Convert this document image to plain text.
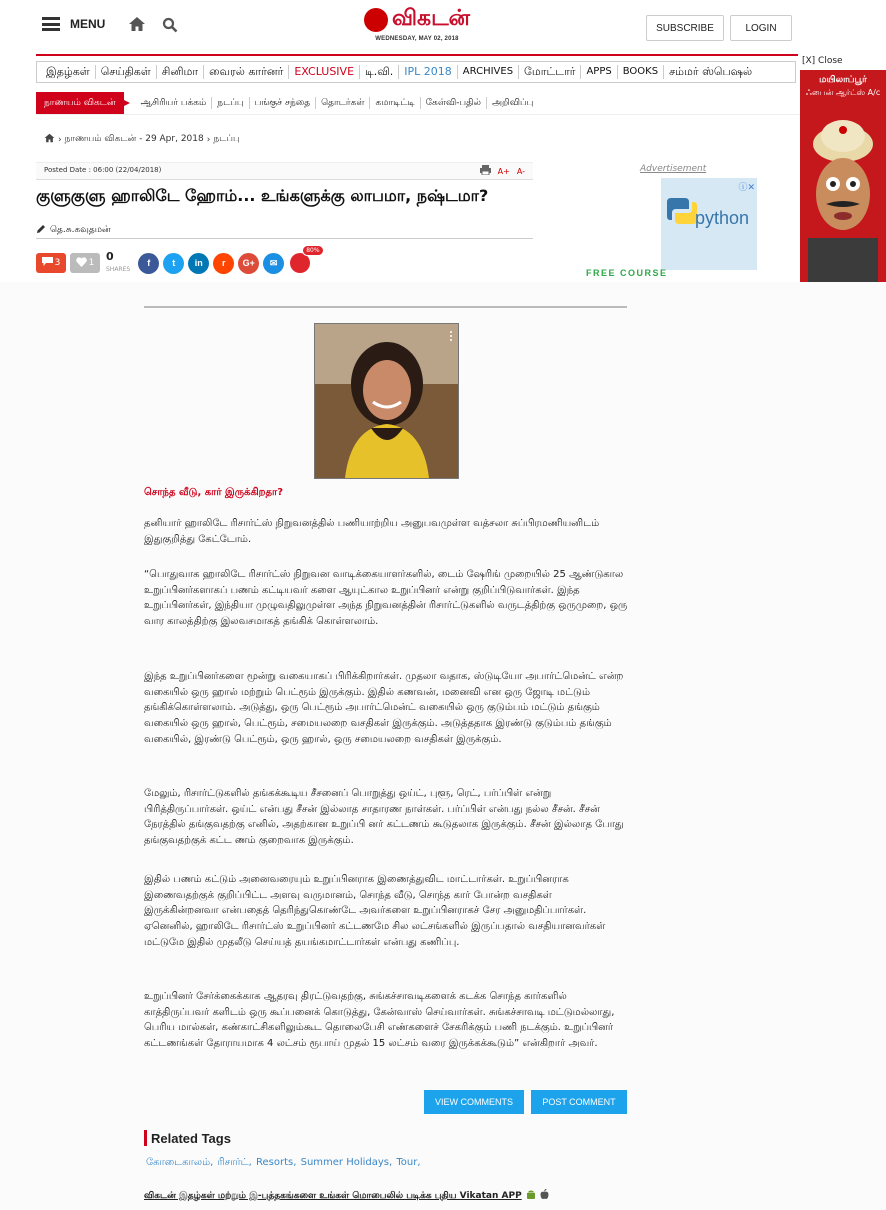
MENU	விகடன்
WEDNESDAY, MAY 02, 2018
SUBSCRIBE	LOGIN
இதழ்கள்	செய்திகள்	சினிமா	வைரல் கார்னர்	EXCLUSIVE	டி.வி.	IPL 2018	ARCHIVES	மோட்டார்	APPS	BOOKS	சம்மர் ஸ்பெஷல்
நாணயம் விகடன்	ஆசிரியர் பக்கம்	நடப்பு	பங்குச் சந்தை	தொடர்கள்	கமாடிட்டி	கேள்வி-பதில்	அறிவிப்பு
› நாணயம் விகடன் - 29 Apr, 2018 › நடப்பு
Posted Date : 06:00 (22/04/2018)	A+ A-
குளுகுளு ஹாலிடே ஹோம்... உங்களுக்கு லாபமா, நஷ்டமா?
தெ.சு.கவுதமன்
3	1 0
SHARES
f	t	in	r	G+	✉
80%
Advertisement
ⓘ✕
python
FREE COURSE
[X] Close
மயிலாப்பூர்
ஃபைன் ஆர்ட்ஸ் A/c
சொந்த வீடு, கார் இருக்கிறதா?
தனியார் ஹாலிடே ரிசார்ட்ஸ் நிறுவனத்தில் பணியாற்றிய அனுபவமுள்ள வத்சலா சுப்பிரமணியனிடம் இதுகுறித்து கேட்டோம்.
“பொதுவாக ஹாலிடே ரிசார்ட்ஸ் நிறுவன வாடிக்கையாளர்களில், டைம் ஷேரிங் முறையில் 25 ஆண்டுகால உறுப்பினர்களாகப் பணம் கட்டியவர் களை ஆயுட்கால உறுப்பினர் என்று குறிப்பிடுவார்கள். இந்த உறுப்பினர்கள், இந்தியா முழுவதிலுமுள்ள அந்த நிறுவனத்தின் ரிசார்ட்டுகளில் வருடத்திற்கு ஒருமுறை, ஒரு வார காலத்திற்கு இலவசமாகத் தங்கிக் கொள்ளலாம்.
இந்த உறுப்பினர்களை மூன்று வகையாகப் பிரிக்கிறார்கள். முதலா வதாக, ஸ்டுடியோ அபார்ட்மென்ட் என்ற வகையில் ஒரு ஹால் மற்றும் பெட்ரூம் இருக்கும். இதில் கணவன், மனைவி என ஒரு ஜோடி மட்டும் தங்கிக்கொள்ளலாம். அடுத்து, ஒரு பெட்ரூம் அபார்ட்மென்ட் வகையில் ஒரு குடும்பம் மட்டும் தங்கும் வகையில் ஒரு ஹால், பெட்ரூம், சமையலறை வசதிகள் இருக்கும். அடுத்ததாக இரண்டு குடும்பம் தங்கும் வகையில், இரண்டு பெட்ரூம், ஒரு ஹால், ஒரு சமையலறை வசதிகள் இருக்கும்.
மேலும், ரிசார்ட்டுகளில் தங்கக்கூடிய சீசனைப் பொறுத்து ஒய்ட், புளூ, ரெட், பர்ப்பிள் என்று பிரித்திருப்பார்கள். ஒய்ட் என்பது சீசன் இல்லாத சாதாரண நாள்கள். பர்ப்பிள் என்பது நல்ல சீசன். சீசன் நேரத்தில் தங்குவதற்கு எனில், அதற்கான உறுப்பி னர் கட்டணம் கூடுதலாக இருக்கும். சீசன் இல்லாத போது தங்குவதற்குக் கட்ட ணம் குறைவாக இருக்கும்.
இதில் பணம் கட்டும் அனைவரையும் உறுப்பினராக இணைத்துவிட மாட்டார்கள். உறுப்பினராக இணைவதற்குக் குறிப்பிட்ட அளவு வருமானம், சொந்த வீடு, சொந்த கார் போன்ற வசதிகள் இருக்கின்றனவா என்பதைத் தெரிந்துகொண்டே அவர்களை உறுப்பினராகச் சேர அனுமதிப்பார்கள். ஏனெனில், ஹாலிடே ரிசார்ட்ஸ் உறுப்பினர் கட்டணமே சில லட்சங்களில் இருப்பதால் வசதியானவர்கள் மட்டுமே இதில் முதலீடு செய்யத் தயங்கமாட்டார்கள் என்பது கணிப்பு.
உறுப்பினர் சேர்க்கைக்காக ஆதரவு திரட்டுவதற்கு, சுங்கச்சாவடிகளைக் கடக்க சொந்த கார்களில் காத்திருப்பவர் களிடம் ஒரு கூப்பனைக் கொடுத்து, கேன்வாஸ் செய்வார்கள். சுங்கச்சாவடி மட்டுமல்லாது, பெரிய மால்கள், கண்காட்சிகளிலும்கூட தொலைபேசி எண்களைச் சேகரிக்கும் பணி நடக்கும். உறுப்பினர் கட்டணங்கள் தோராயமாக 4 லட்சம் ரூபாய் முதல் 15 லட்சம் வரை இருக்கக்கூடும்” என்கிறார் அவர்.
VIEW COMMENTS	POST COMMENT
Related Tags
கோடைகாலம், ரிசார்ட், Resorts, Summer Holidays, Tour,
விகடன் இதழ்கள் மற்றும் இ-புத்தகங்களை உங்கள் மொபைலில் படிக்க புதிய Vikatan APP
